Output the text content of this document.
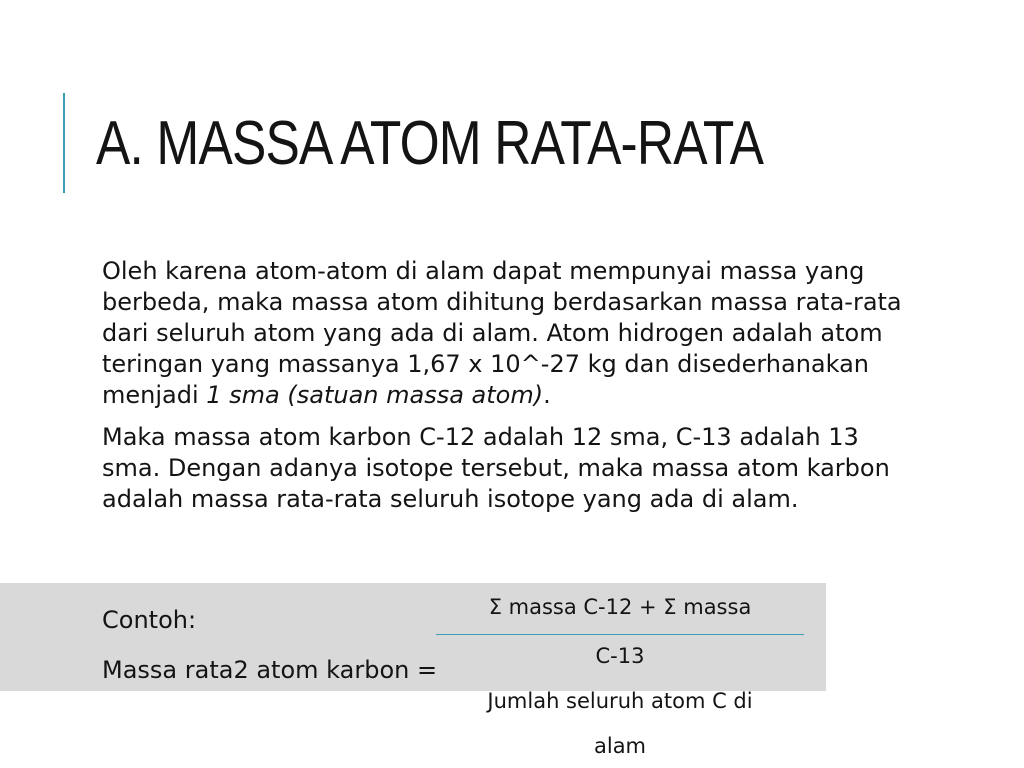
A. MASSA ATOM RATA-RATA

Oleh karena atom-atom di alam dapat mempunyai massa yang berbeda, maka massa atom dihitung berdasarkan massa rata-rata dari seluruh atom yang ada di alam. Atom hidrogen adalah atom teringan yang massanya 1,67 x 10^-27 kg dan disederhanakan menjadi 1 sma (satuan massa atom).

Maka massa atom karbon C-12 adalah 12 sma, C-13 adalah 13 sma. Dengan adanya isotope tersebut, maka massa atom karbon adalah massa rata-rata seluruh isotope yang ada di alam.

Contoh:

Massa rata2 atom karbon =

Σ massa C-12 + Σ massa

C-13

Jumlah seluruh atom C di

alam
